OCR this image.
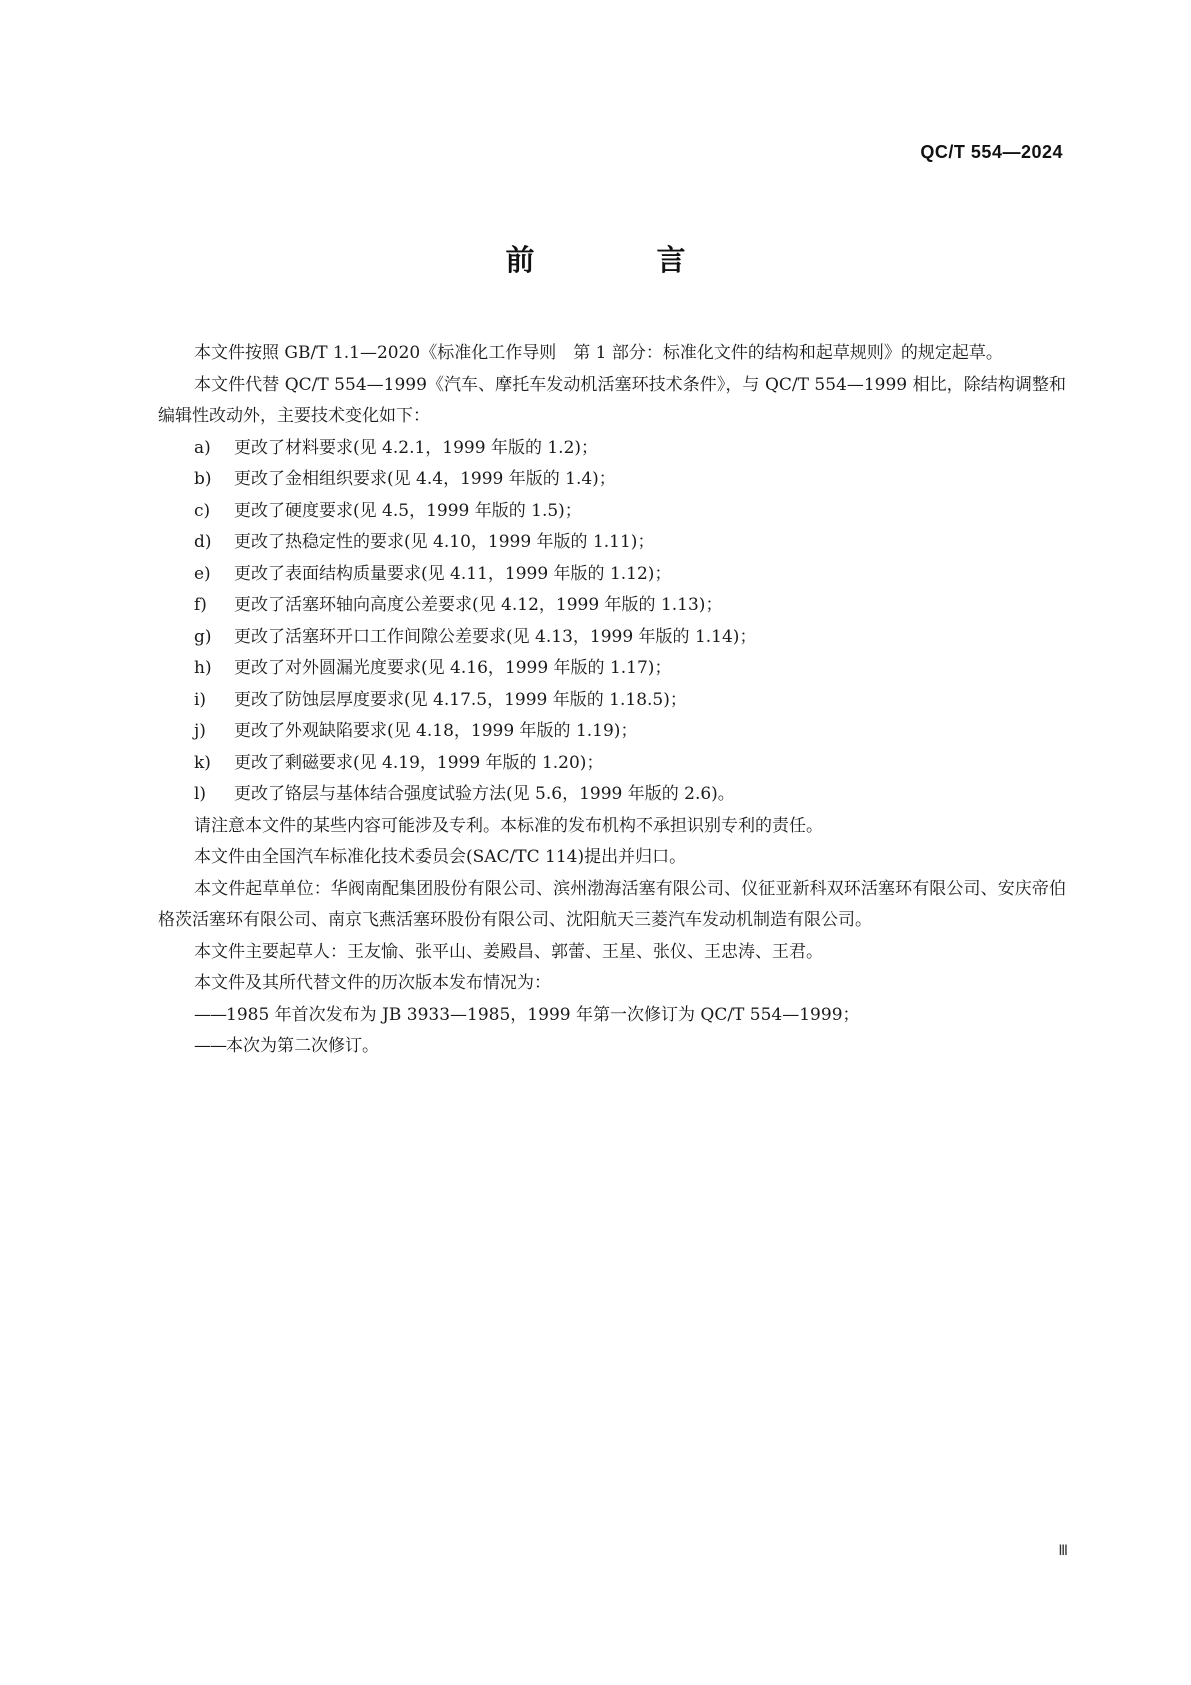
QC/T 554—2024
前 言

本文件按照 GB/T 1.1—2020《标准化工作导则　第 1 部分：标准化文件的结构和起草规则》的规定起草。

本文件代替 QC/T 554—1999《汽车、摩托车发动机活塞环技术条件》，与 QC/T 554—1999 相比，除结构调整和编辑性改动外，主要技术变化如下：

a)	更改了材料要求(见 4.2.1，1999 年版的 1.2)；
b)	更改了金相组织要求(见 4.4，1999 年版的 1.4)；
c)	更改了硬度要求(见 4.5，1999 年版的 1.5)；
d)	更改了热稳定性的要求(见 4.10，1999 年版的 1.11)；
e)	更改了表面结构质量要求(见 4.11，1999 年版的 1.12)；
f)	更改了活塞环轴向高度公差要求(见 4.12，1999 年版的 1.13)；
g)	更改了活塞环开口工作间隙公差要求(见 4.13，1999 年版的 1.14)；
h)	更改了对外圆漏光度要求(见 4.16，1999 年版的 1.17)；
i)	更改了防蚀层厚度要求(见 4.17.5，1999 年版的 1.18.5)；
j)	更改了外观缺陷要求(见 4.18，1999 年版的 1.19)；
k)	更改了剩磁要求(见 4.19，1999 年版的 1.20)；
l)	更改了铬层与基体结合强度试验方法(见 5.6，1999 年版的 2.6)。

请注意本文件的某些内容可能涉及专利。本标准的发布机构不承担识别专利的责任。

本文件由全国汽车标准化技术委员会(SAC/TC 114)提出并归口。

本文件起草单位：华阀南配集团股份有限公司、滨州渤海活塞有限公司、仪征亚新科双环活塞环有限公司、安庆帝伯格茨活塞环有限公司、南京飞燕活塞环股份有限公司、沈阳航天三菱汽车发动机制造有限公司。

本文件主要起草人：王友愉、张平山、姜殿昌、郭蕾、王星、张仪、王忠涛、王君。

本文件及其所代替文件的历次版本发布情况为：

——1985 年首次发布为 JB 3933—1985，1999 年第一次修订为 QC/T 554—1999；

——本次为第二次修订。

Ⅲ
